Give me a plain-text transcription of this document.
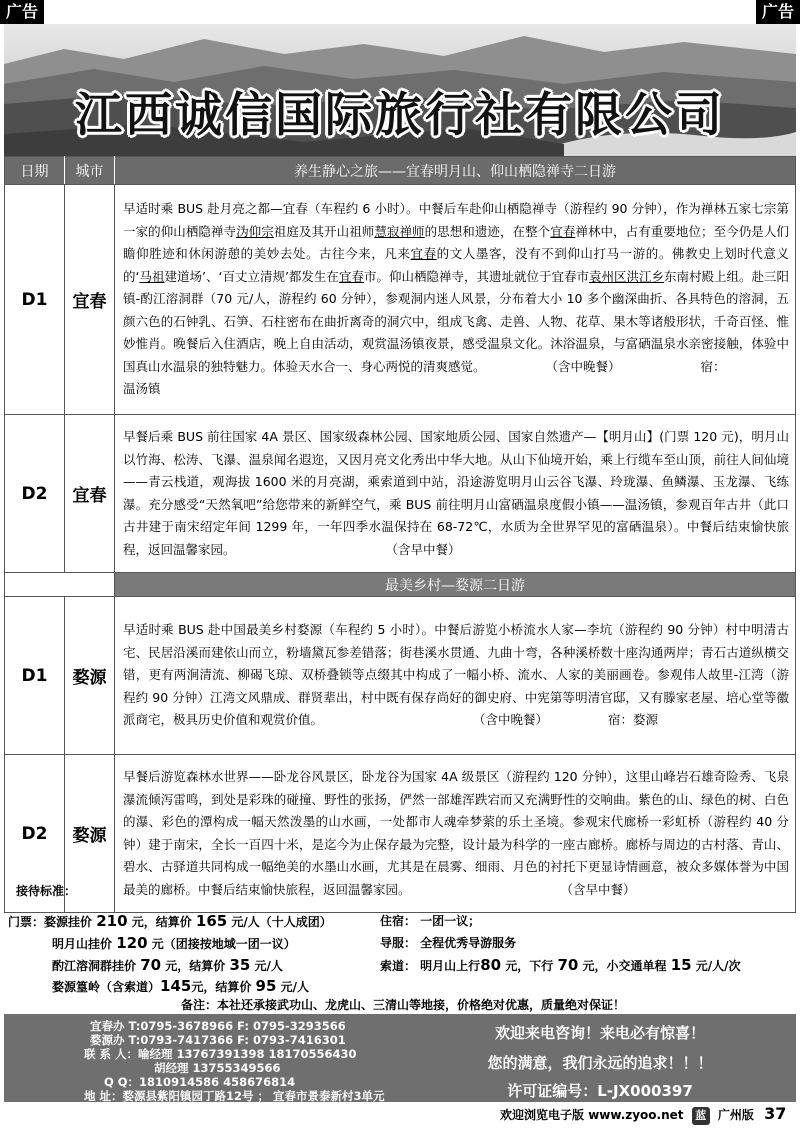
广告	广告
江西诚信国际旅行社有限公司
日期	城市	养生静心之旅——宜春明月山、仰山栖隐禅寺二日游
D1	宜春	早适时乘 BUS 赴月亮之都—宜春（车程约 6 小时）。中餐后车赴仰山栖隐禅寺（游程约 90 分钟），作为禅林五家七宗第一家的仰山栖隐禅寺沩仰宗祖庭及其开山祖师慧寂禅师的思想和遗迹，在整个宜春禅林中，占有重要地位；至今仍是人们瞻仰胜迹和休闲游憩的美妙去处。古往今来，凡来宜春的文人墨客，没有不到仰山打马一游的。佛教史上划时代意义的‘马祖建道场’、‘百丈立清规’都发生在宜春市。仰山栖隐禅寺，其遗址就位于宜春市袁州区洪江乡东南村殿上组。赴三阳镇-酌江溶洞群（70 元/人，游程约 60 分钟），参观洞内迷人风景，分布着大小 10 多个幽深曲折、各具特色的溶洞，五颜六色的石钟乳、石笋、石柱密布在曲折离奇的洞穴中，组成飞禽、走兽、人物、花草、果木等诸般形状，千奇百怪、惟妙惟肖。晚餐后入住酒店，晚上自由活动，观赏温汤镇夜景，感受温泉文化。沐浴温泉，与富硒温泉水亲密接触，体验中国真山水温泉的独特魅力。体验天水合一、身心两悦的清爽感觉。 （含中晚餐） 宿：
温汤镇
D2	宜春	早餐后乘 BUS 前往国家 4A 景区、国家级森林公园、国家地质公园、国家自然遗产—【明月山】(门票 120 元)，明月山以竹海、松涛、飞瀑、温泉闻名遐迩，又因月亮文化秀出中华大地。从山下仙境开始，乘上行缆车至山顶，前往人间仙境——青云栈道，观海拔 1600 米的月亮湖，乘索道到中站，沿途游览明月山云谷飞瀑、玲珑瀑、鱼鳞瀑、玉龙瀑、飞练瀑。充分感受“天然氧吧”给您带来的新鲜空气，乘 BUS 前往明月山富硒温泉度假小镇——温汤镇，参观百年古井（此口古井建于南宋绍定年间 1299 年，一年四季水温保持在 68-72℃，水质为全世界罕见的富硒温泉）。中餐后结束愉快旅程，返回温馨家园。 （含早中餐）
		最美乡村—婺源二日游
D1	婺源	早适时乘 BUS 赴中国最美乡村婺源（车程约 5 小时）。中餐后游览小桥流水人家—李坑（游程约 90 分钟）村中明清古宅、民居沿溪而建依山而立，粉墙黛瓦参差错落；街巷溪水贯通、九曲十弯，各种溪桥数十座沟通两岸；青石古道纵横交错，更有两涧清流、柳碣飞琼、双桥叠锁等点缀其中构成了一幅小桥、流水、人家的美丽画卷。参观伟人故里-江湾（游程约 90 分钟）江湾文风鼎成、群贤辈出，村中既有保存尚好的御史府、中宪第等明清官邸，又有滕家老屋、培心堂等徽派商宅，极具历史价值和观赏价值。 （含中晚餐） 宿：婺源
D2	婺源	早餐后游览森林水世界——卧龙谷风景区，卧龙谷为国家 4A 级景区（游程约 120 分钟），这里山峰岩石雄奇险秀、飞泉瀑流倾泻雷鸣，到处是彩珠的碰撞、野性的张扬，俨然一部雄浑跌宕而又充满野性的交响曲。紫色的山、绿色的树、白色的瀑、彩色的潭构成一幅天然泼墨的山水画，一处都市人魂牵梦萦的乐土圣境。参观宋代廊桥一彩虹桥（游程约 40 分钟）建于南宋，全长一百四十米，是迄今为止保存最为完整，设计最为科学的一座古廊桥。廊桥与周边的古村落、青山、碧水、古驿道共同构成一幅绝美的水墨山水画，尤其是在晨雾、细雨、月色的衬托下更显诗情画意，被众多媒体誉为中国最美的廊桥。中餐后结束愉快旅程，返回温馨家园。 （含早中餐）
接待标准：
门票：婺源挂价 210 元，结算价 165 元/人（十人成团）
明月山挂价 120 元（团接按地域一团一议）
酌江溶洞群挂价 70 元，结算价 35 元/人
婺源篁岭（含索道）145元，结算价 95 元/人
住宿： 一团一议；
导服： 全程优秀导游服务
索道： 明月山上行80 元，下行 70 元，小交通单程 15 元/人/次
备注：本社还承接武功山、龙虎山、三清山等地接，价格绝对优惠，质量绝对保证！
宜春办 T:0795-3678966 F: 0795-3293566
婺源办 T:0793-7417366 F: 0793-7416301
联 系 人：喻经理 13767391398 18170556430
胡经理 13755349566
Q Q：1810914586 458676814
地 址：婺源县紫阳镇园丁路12号 ； 宜春市景泰新村3单元
欢迎来电咨询！来电必有惊喜！
您的满意，我们永远的追求！！！
许可证编号：L-JX000397
欢迎浏览电子版 www.zyoo.net 蓝 广州版 37
